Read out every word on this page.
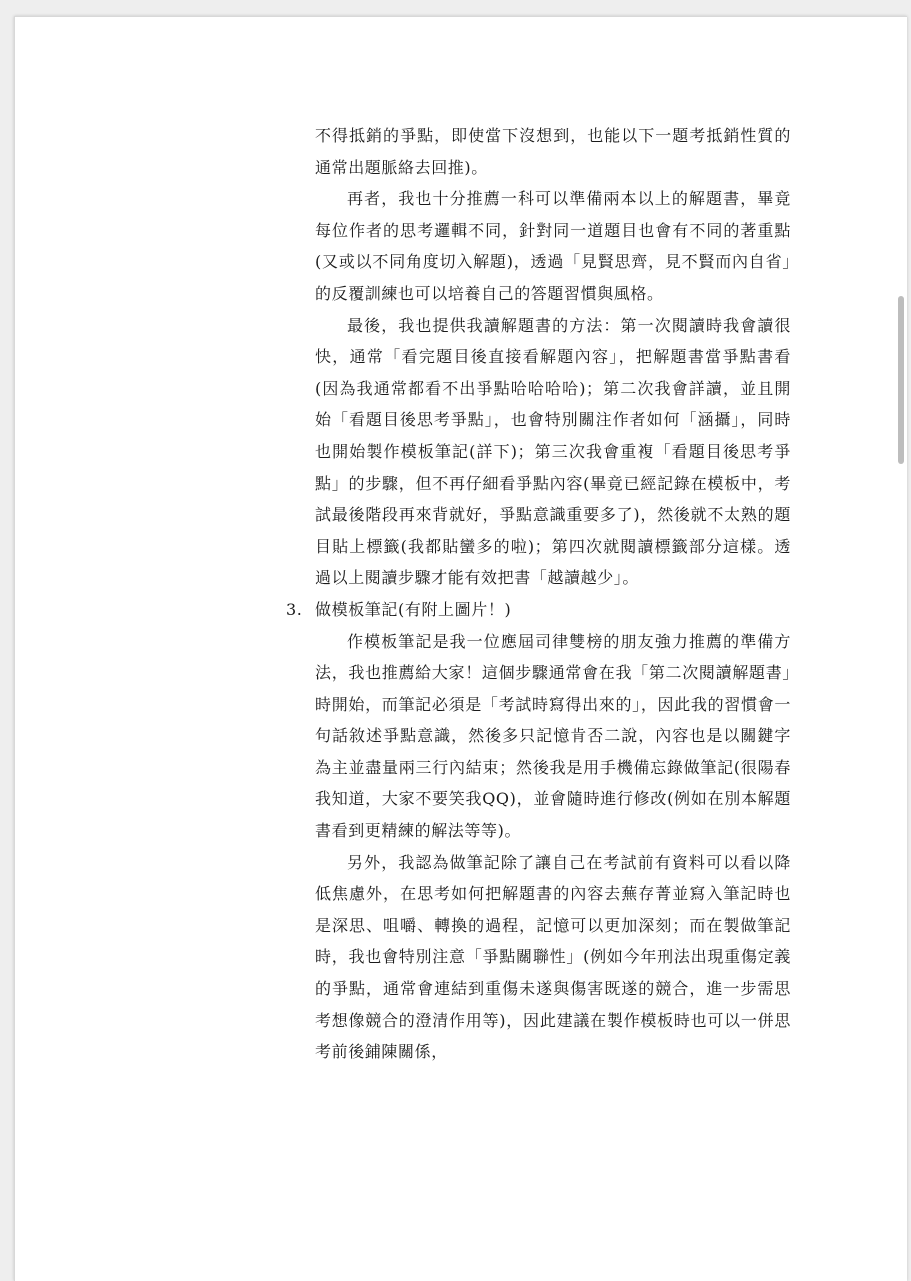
不得抵銷的爭點，即使當下沒想到，也能以下一題考抵銷性質的通常出題脈絡去回推)。

再者，我也十分推薦一科可以準備兩本以上的解題書，畢竟每位作者的思考邏輯不同，針對同一道題目也會有不同的著重點(又或以不同角度切入解題)，透過「見賢思齊，見不賢而內自省」的反覆訓練也可以培養自己的答題習慣與風格。

最後，我也提供我讀解題書的方法：第一次閱讀時我會讀很快，通常「看完題目後直接看解題內容」，把解題書當爭點書看(因為我通常都看不出爭點哈哈哈哈)；第二次我會詳讀，並且開始「看題目後思考爭點」，也會特別關注作者如何「涵攝」，同時也開始製作模板筆記(詳下)；第三次我會重複「看題目後思考爭點」的步驟，但不再仔細看爭點內容(畢竟已經記錄在模板中，考試最後階段再來背就好，爭點意識重要多了)，然後就不太熟的題目貼上標籤(我都貼蠻多的啦)；第四次就閱讀標籤部分這樣。透過以上閱讀步驟才能有效把書「越讀越少」。

3. 做模板筆記(有附上圖片！)

作模板筆記是我一位應屆司律雙榜的朋友強力推薦的準備方法，我也推薦給大家！這個步驟通常會在我「第二次閱讀解題書」時開始，而筆記必須是「考試時寫得出來的」，因此我的習慣會一句話敘述爭點意識，然後多只記憶肯否二說，內容也是以關鍵字為主並盡量兩三行內結束；然後我是用手機備忘錄做筆記(很陽春我知道，大家不要笑我QQ)，並會隨時進行修改(例如在別本解題書看到更精練的解法等等)。

另外，我認為做筆記除了讓自己在考試前有資料可以看以降低焦慮外，在思考如何把解題書的內容去蕪存菁並寫入筆記時也是深思、咀嚼、轉換的過程，記憶可以更加深刻；而在製做筆記時，我也會特別注意「爭點關聯性」(例如今年刑法出現重傷定義的爭點，通常會連結到重傷未遂與傷害既遂的競合，進一步需思考想像競合的澄清作用等)，因此建議在製作模板時也可以一併思考前後鋪陳關係，
